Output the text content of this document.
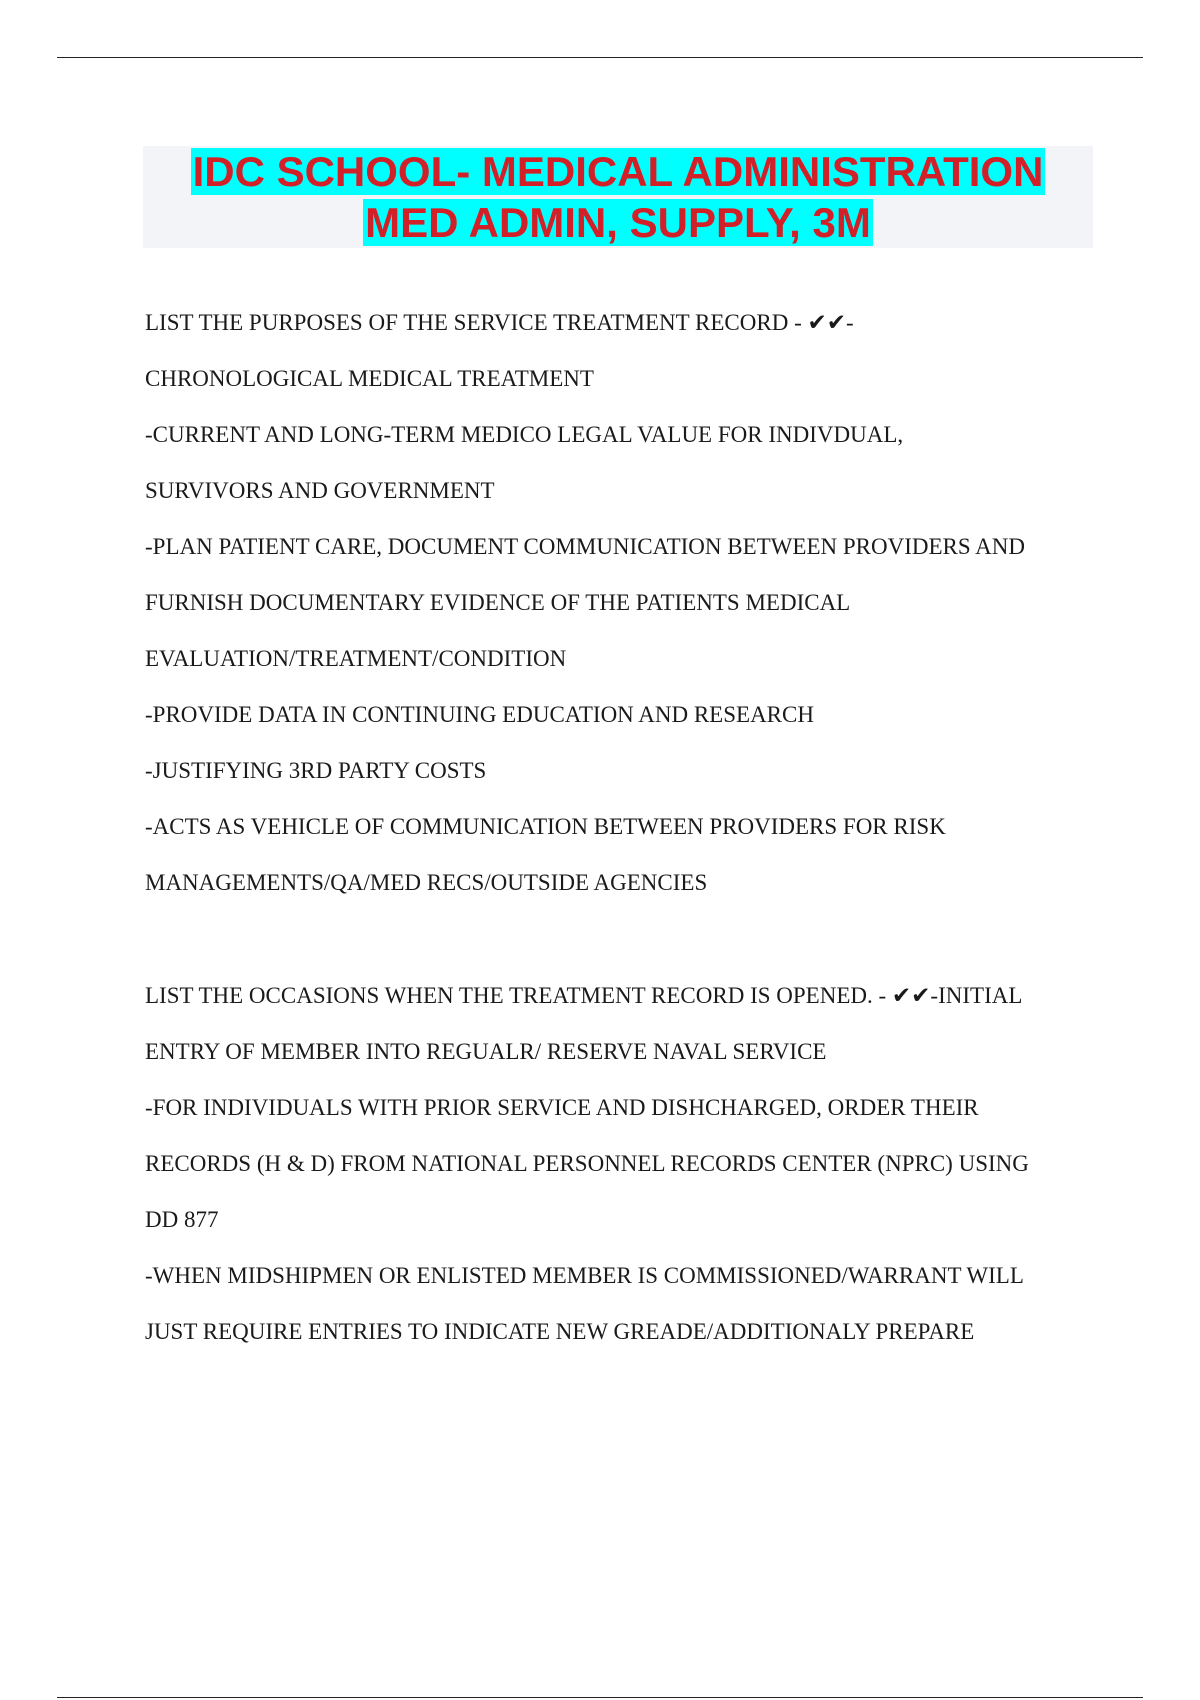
IDC SCHOOL- MEDICAL ADMINISTRATION
MED ADMIN, SUPPLY, 3M
LIST THE PURPOSES OF THE SERVICE TREATMENT RECORD - ✔✔-
CHRONOLOGICAL MEDICAL TREATMENT
-CURRENT AND LONG-TERM MEDICO LEGAL VALUE FOR INDIVDUAL,
SURVIVORS AND GOVERNMENT
-PLAN PATIENT CARE, DOCUMENT COMMUNICATION BETWEEN PROVIDERS AND
FURNISH DOCUMENTARY EVIDENCE OF THE PATIENTS MEDICAL
EVALUATION/TREATMENT/CONDITION
-PROVIDE DATA IN CONTINUING EDUCATION AND RESEARCH
-JUSTIFYING 3RD PARTY COSTS
-ACTS AS VEHICLE OF COMMUNICATION BETWEEN PROVIDERS FOR RISK
MANAGEMENTS/QA/MED RECS/OUTSIDE AGENCIES
LIST THE OCCASIONS WHEN THE TREATMENT RECORD IS OPENED. - ✔✔-INITIAL
ENTRY OF MEMBER INTO REGUALR/ RESERVE NAVAL SERVICE
-FOR INDIVIDUALS WITH PRIOR SERVICE AND DISHCHARGED, ORDER THEIR
RECORDS (H & D) FROM NATIONAL PERSONNEL RECORDS CENTER (NPRC) USING
DD 877
-WHEN MIDSHIPMEN OR ENLISTED MEMBER IS COMMISSIONED/WARRANT WILL
JUST REQUIRE ENTRIES TO INDICATE NEW GREADE/ADDITIONALY PREPARE
